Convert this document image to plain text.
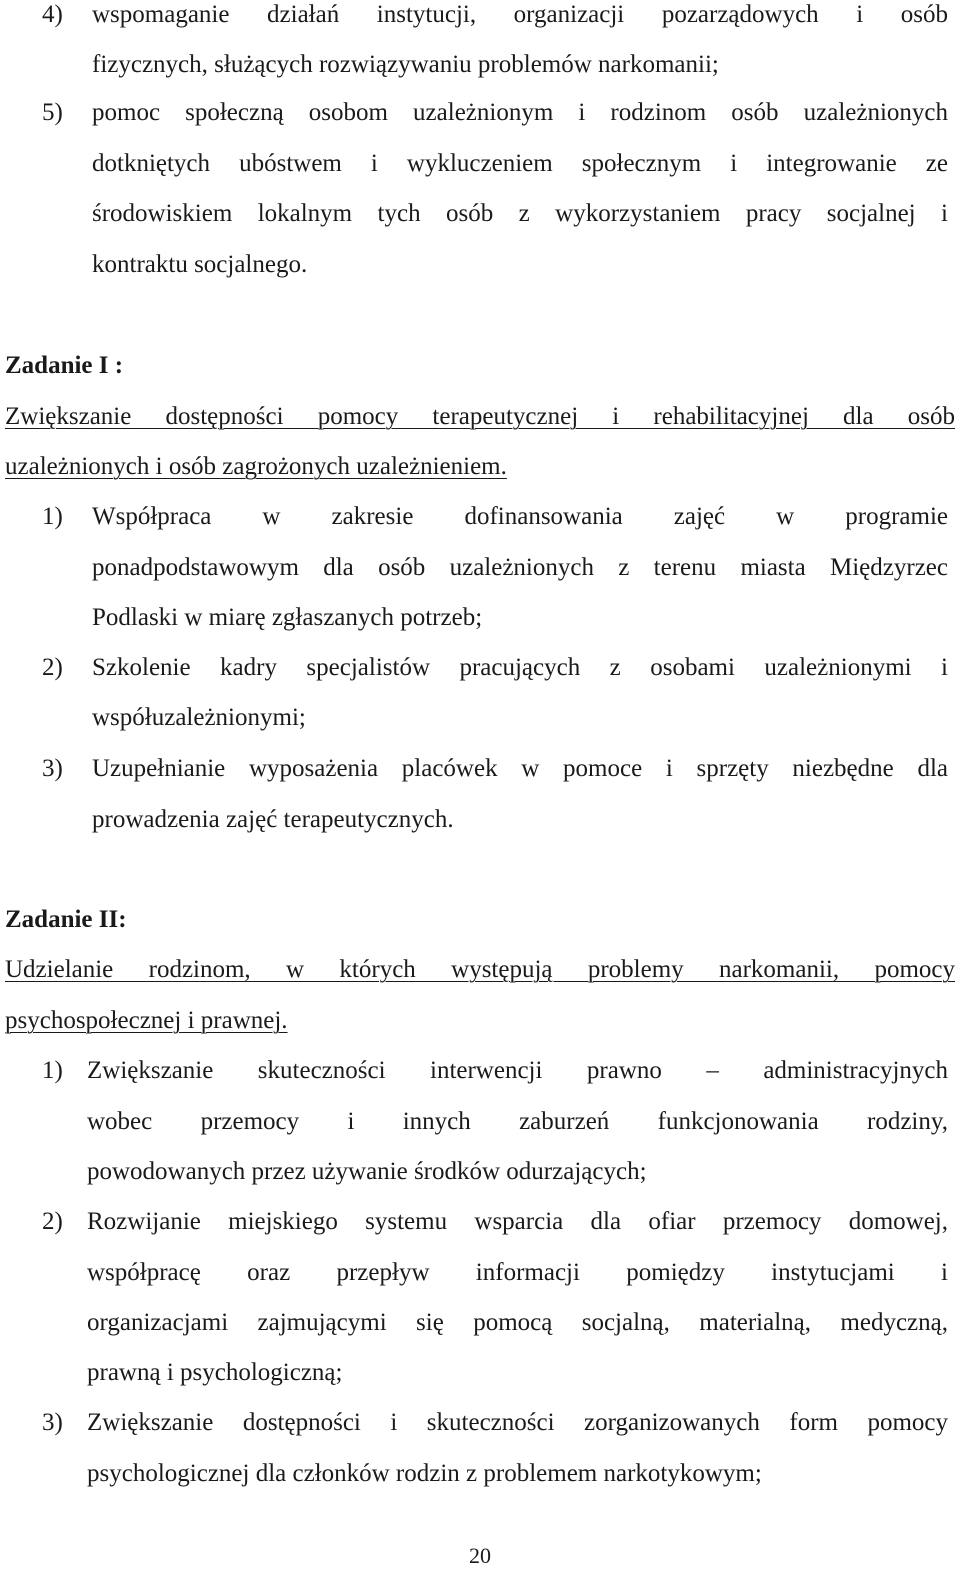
4) wspomaganie działań instytucji, organizacji pozarządowych i osób
fizycznych, służących rozwiązywaniu problemów narkomanii;
5) pomoc społeczną osobom uzależnionym i rodzinom osób uzależnionych
dotkniętych ubóstwem i wykluczeniem społecznym i integrowanie ze
środowiskiem lokalnym tych osób z wykorzystaniem pracy socjalnej i
kontraktu socjalnego.
Zadanie I :
Zwiększanie dostępności pomocy terapeutycznej i rehabilitacyjnej dla osób
uzależnionych i osób zagrożonych uzależnieniem.
1) Współpraca w zakresie dofinansowania zajęć w programie
ponadpodstawowym dla osób uzależnionych z terenu miasta Międzyrzec
Podlaski w miarę zgłaszanych potrzeb;
2) Szkolenie kadry specjalistów pracujących z osobami uzależnionymi i
współuzależnionymi;
3) Uzupełnianie wyposażenia placówek w pomoce i sprzęty niezbędne dla
prowadzenia zajęć terapeutycznych.
Zadanie II:
Udzielanie rodzinom, w których występują problemy narkomanii, pomocy
psychospołecznej i prawnej.
1) Zwiększanie skuteczności interwencji prawno – administracyjnych
wobec przemocy i innych zaburzeń funkcjonowania rodziny,
powodowanych przez używanie środków odurzających;
2) Rozwijanie miejskiego systemu wsparcia dla ofiar przemocy domowej,
współpracę oraz przepływ informacji pomiędzy instytucjami i
organizacjami zajmującymi się pomocą socjalną, materialną, medyczną,
prawną i psychologiczną;
3) Zwiększanie dostępności i skuteczności zorganizowanych form pomocy
psychologicznej dla członków rodzin z problemem narkotykowym;
20
